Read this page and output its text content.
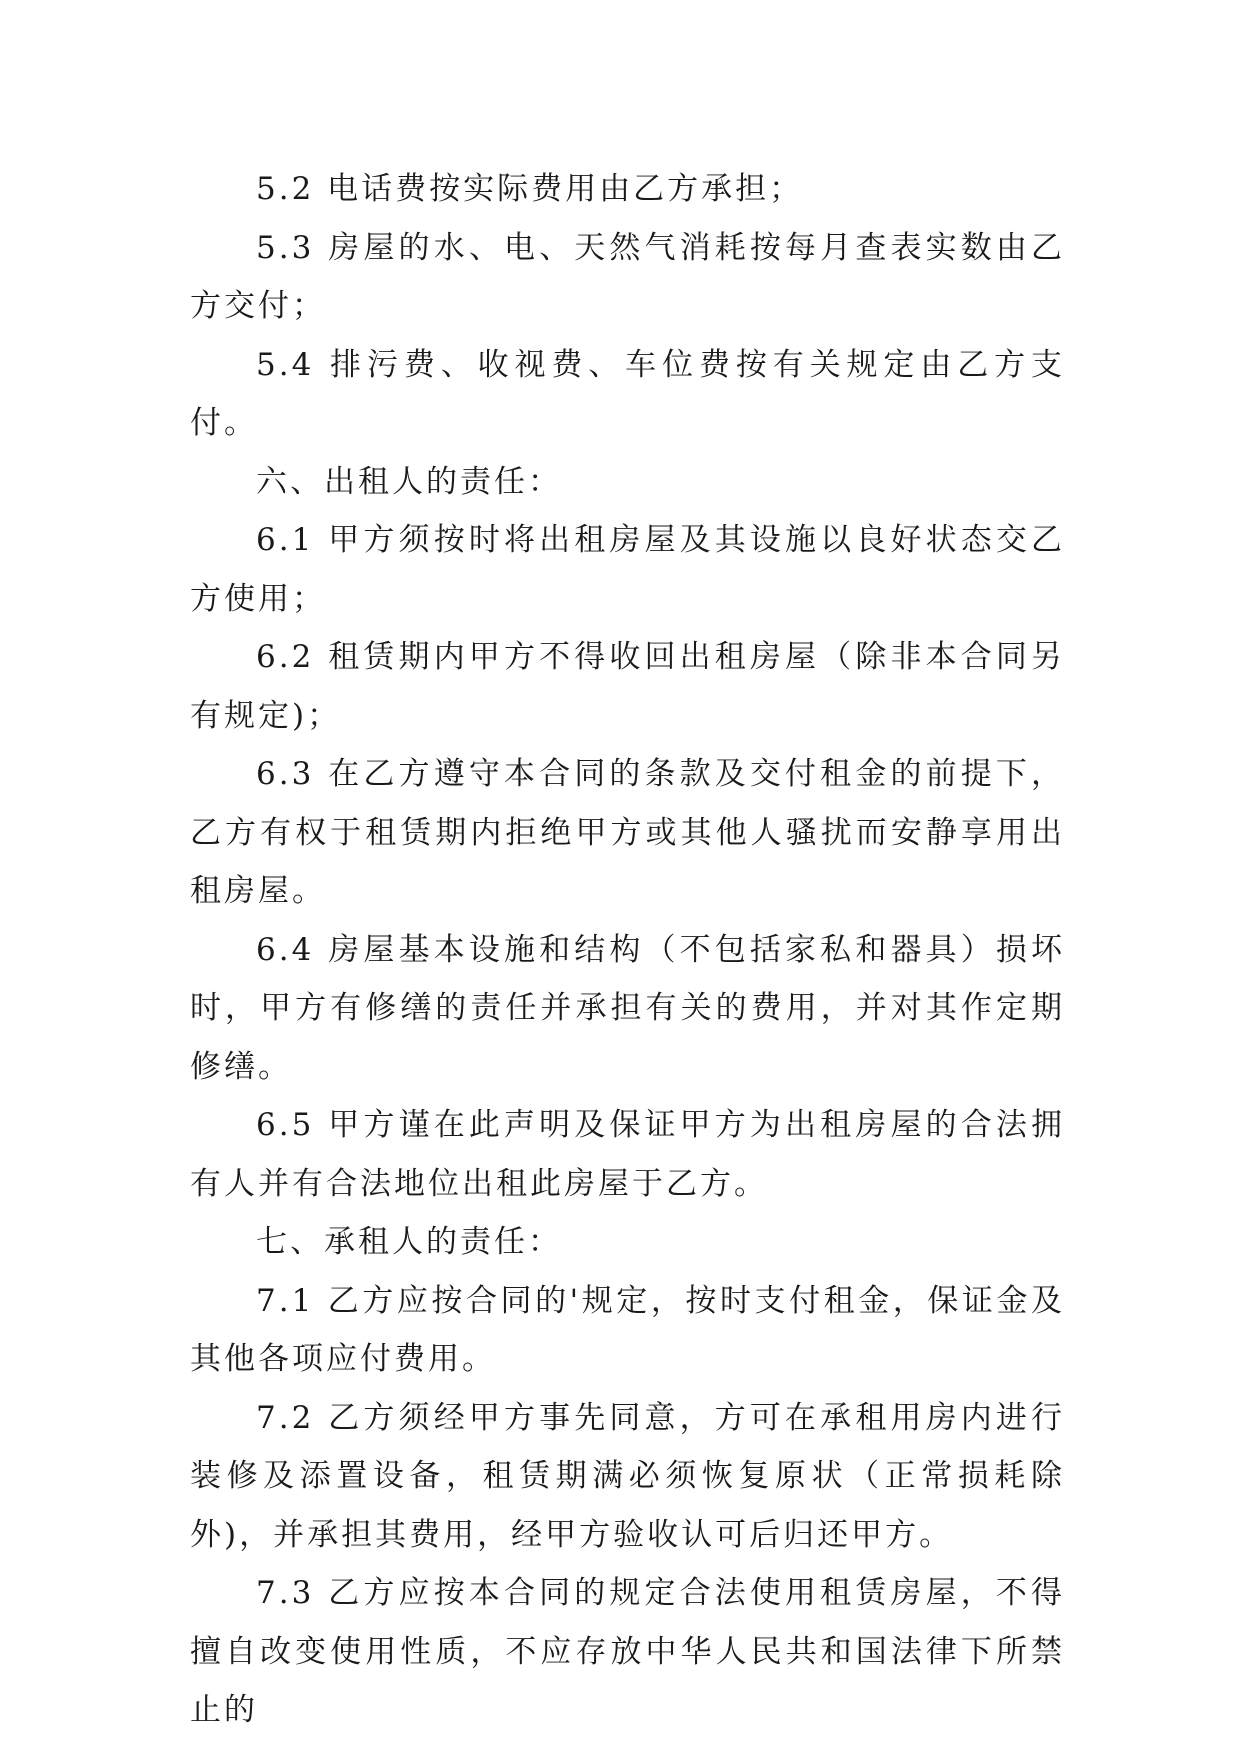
5.2 电话费按实际费用由乙方承担；

5.3 房屋的水、电、天然气消耗按每月查表实数由乙方交付；

5.4 排污费、收视费、车位费按有关规定由乙方支付。

六、出租人的责任：

6.1 甲方须按时将出租房屋及其设施以良好状态交乙方使用；

6.2 租赁期内甲方不得收回出租房屋（除非本合同另有规定)；

6.3 在乙方遵守本合同的条款及交付租金的前提下，乙方有权于租赁期内拒绝甲方或其他人骚扰而安静享用出租房屋。

6.4 房屋基本设施和结构（不包括家私和器具）损坏时，甲方有修缮的责任并承担有关的费用，并对其作定期修缮。

6.5 甲方谨在此声明及保证甲方为出租房屋的合法拥有人并有合法地位出租此房屋于乙方。

七、承租人的责任：

7.1 乙方应按合同的'规定，按时支付租金，保证金及其他各项应付费用。

7.2 乙方须经甲方事先同意，方可在承租用房内进行装修及添置设备，租赁期满必须恢复原状（正常损耗除外)，并承担其费用，经甲方验收认可后归还甲方。

7.3 乙方应按本合同的规定合法使用租赁房屋，不得擅自改变使用性质，不应存放中华人民共和国法律下所禁止的
